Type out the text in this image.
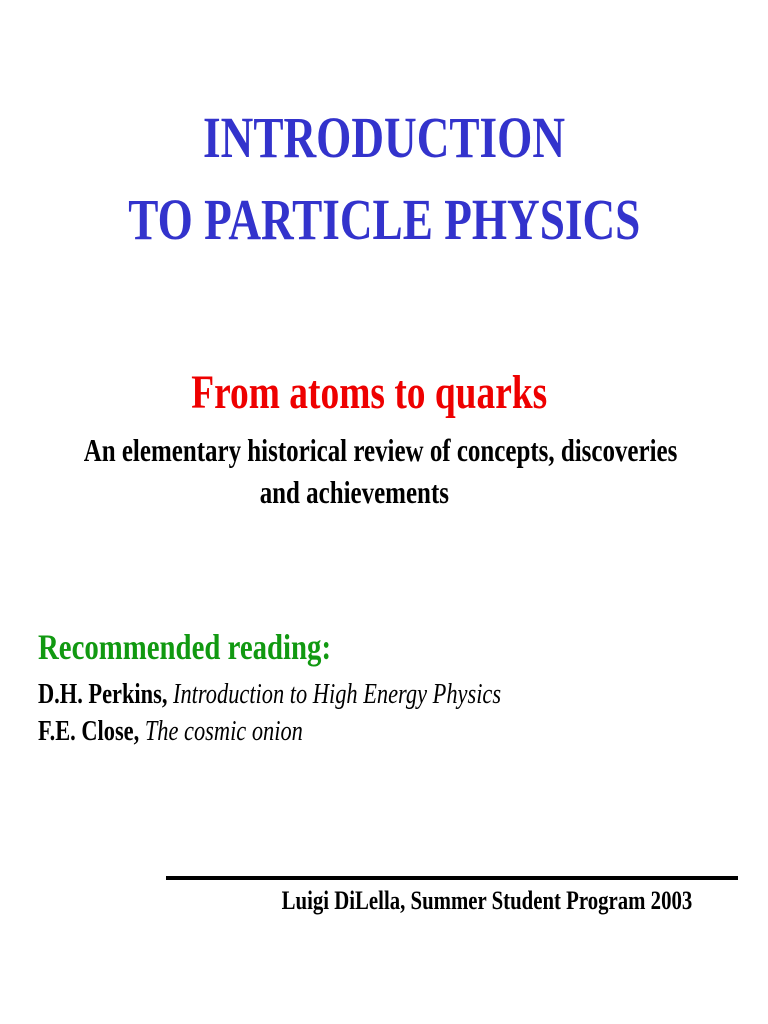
INTRODUCTION
TO PARTICLE PHYSICS
From atoms to quarks
An elementary historical review of concepts, discoveries
and achievements
Recommended reading:
D.H. Perkins, Introduction to High Energy Physics
F.E. Close, The cosmic onion
Luigi DiLella, Summer Student Program 2003
